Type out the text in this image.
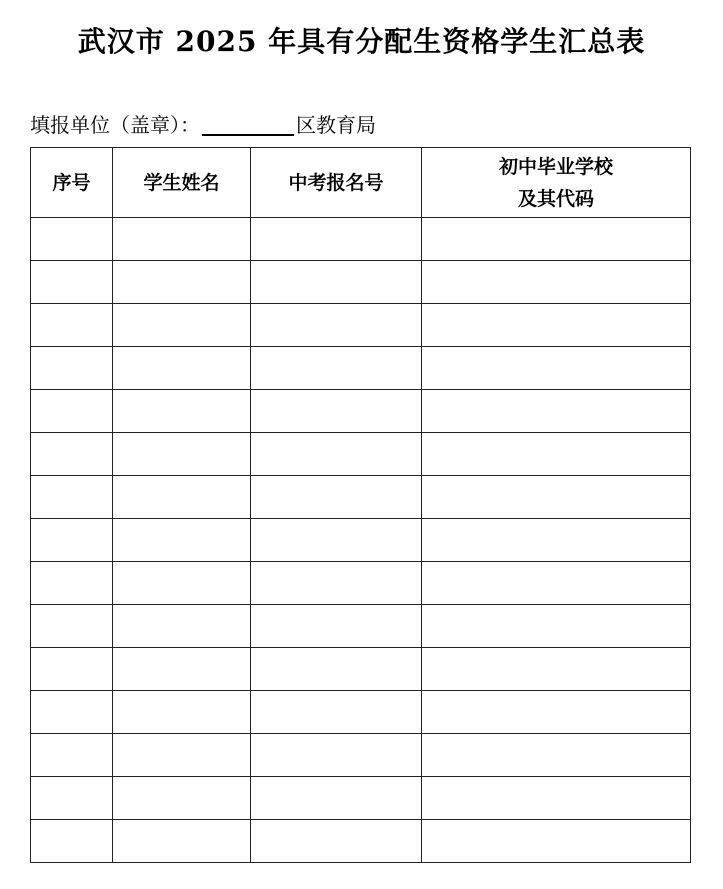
武汉市 2025 年具有分配生资格学生汇总表
填报单位（盖章）：	区教育局
序号	学生姓名	中考报名号	初中毕业学校
及其代码
